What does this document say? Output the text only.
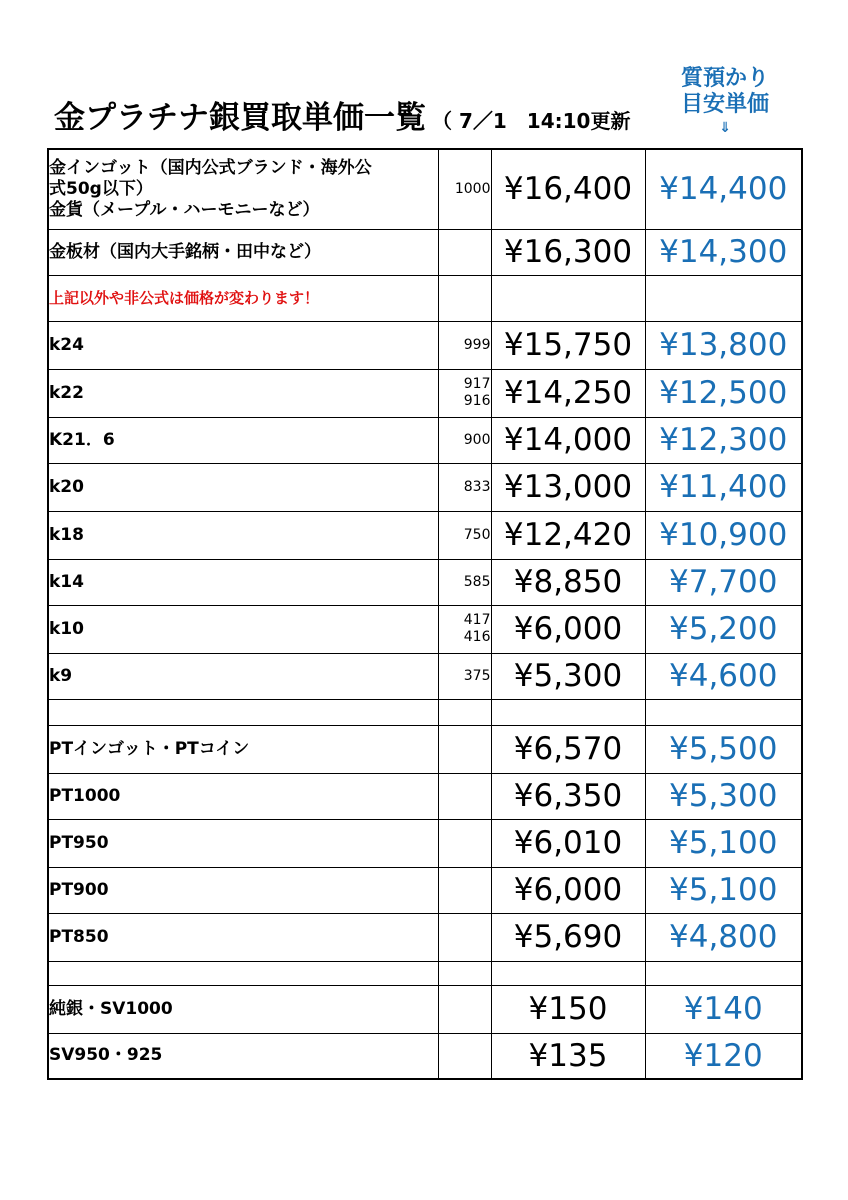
金プラチナ銀買取単価一覧 （ 7／1　14:10更新
質預かり
目安単価
⇓
金インゴット（国内公式ブランド・海外公
式50g以下）
金貨（メープル・ハーモニーなど）	1000	¥16,400	¥14,400

金板材（国内大手銘柄・田中など）		¥16,300	¥14,300

上記以外や非公式は価格が変わります！			

k24	999	¥15,750	¥13,800

k22	917
916	¥14,250	¥12,500

K21．6	900	¥14,000	¥12,300

k20	833	¥13,000	¥11,400

k18	750	¥12,420	¥10,900

k14	585	¥8,850	¥7,700

k10	417
416	¥6,000	¥5,200

k9	375	¥5,300	¥4,600

PTインゴット・PTコイン		¥6,570	¥5,500

PT1000		¥6,350	¥5,300

PT950		¥6,010	¥5,100

PT900		¥6,000	¥5,100

PT850		¥5,690	¥4,800

純銀・SV1000		¥150	¥140

SV950・925		¥135	¥120
